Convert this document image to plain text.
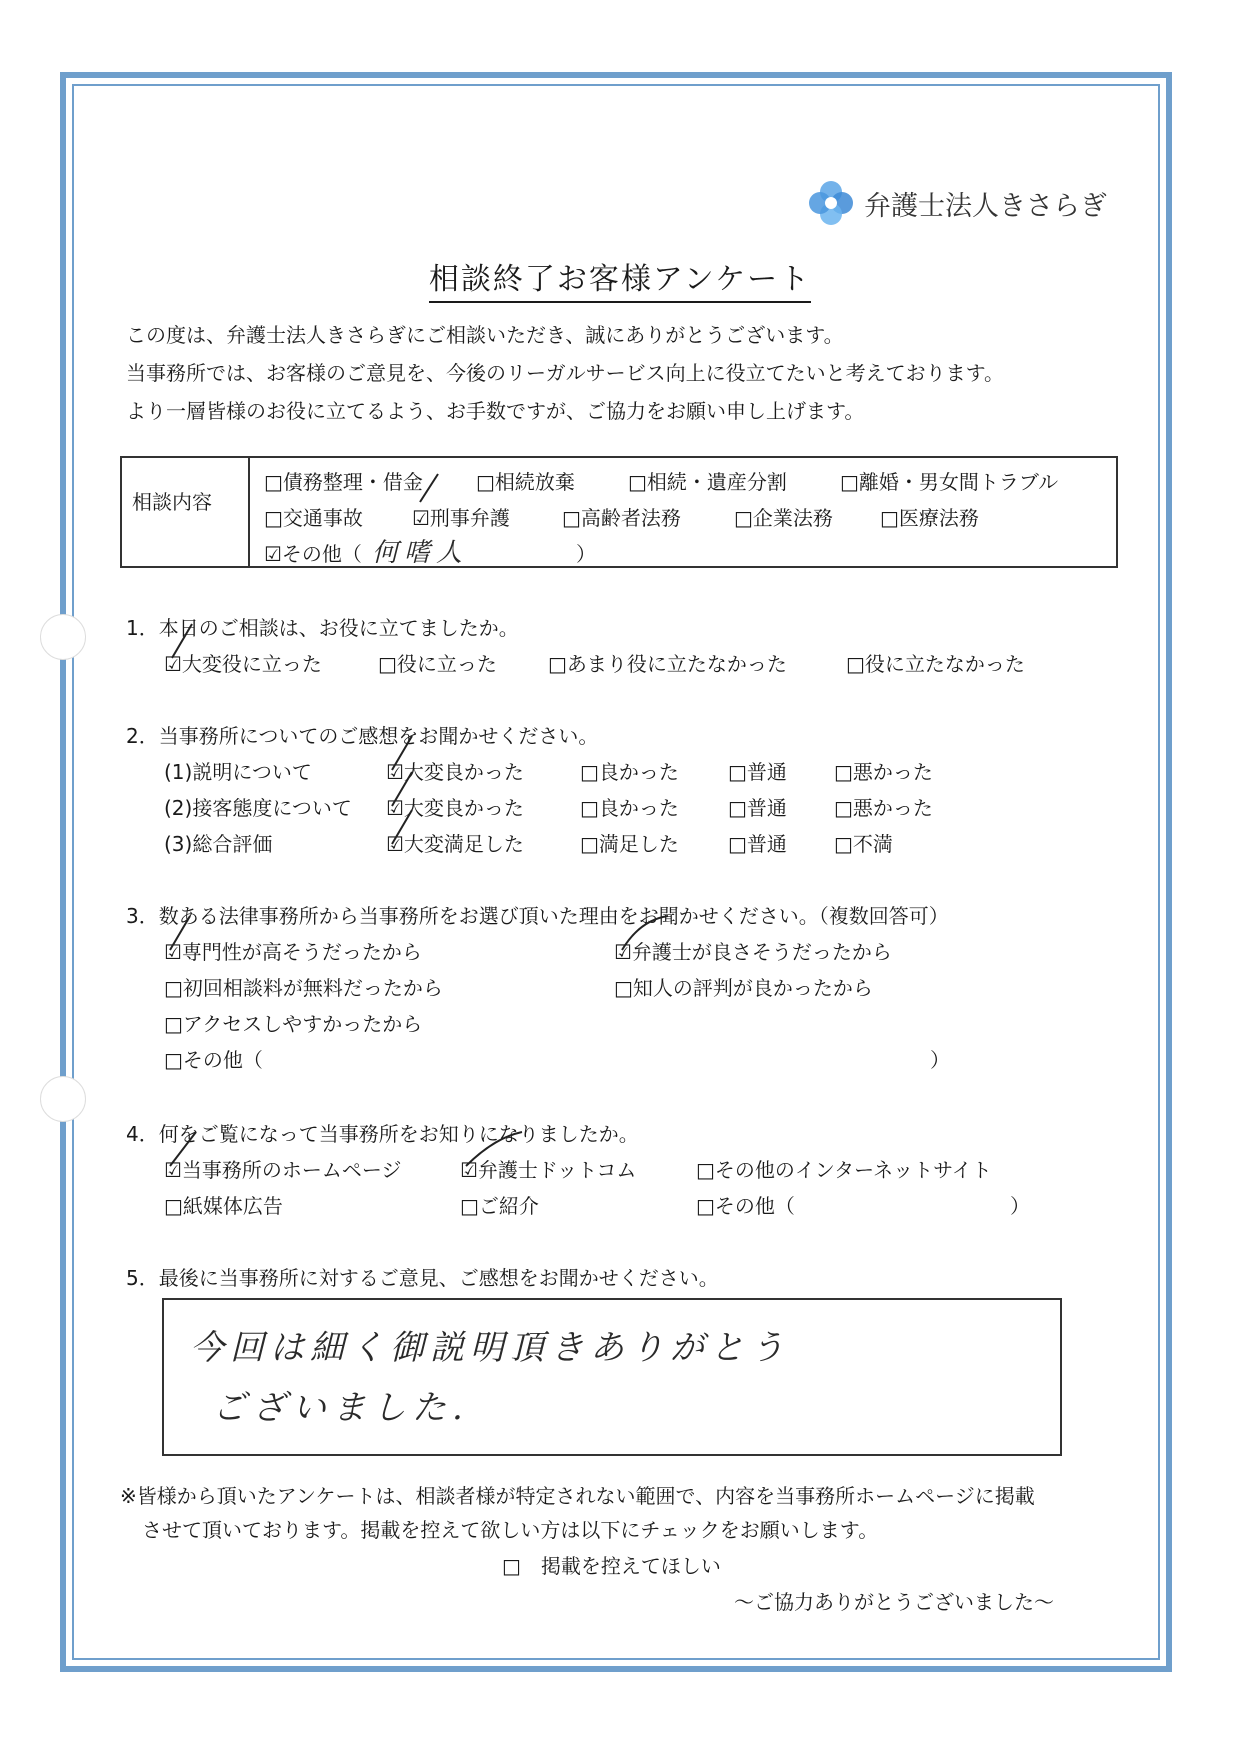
弁護士法人きさらぎ
相談終了お客様アンケート
この度は、弁護士法人きさらぎにご相談いただき、誠にありがとうございます。
当事務所では、お客様のご意見を、今後のリーガルサービス向上に役立てたいと考えております。
より一層皆様のお役に立てるよう、お手数ですが、ご協力をお願い申し上げます。
相談内容
□債務整理・借金	□相続放棄	□相続・遺産分割	□離婚・男女間トラブル
□交通事故 ☑刑事弁護	□高齢者法務	□企業法務 □医療法務
☑その他（ 何嗜人	）
1．本日のご相談は、お役に立てましたか。
☑大変役に立った	□役に立った	□あまり役に立たなかった	□役に立たなかった
2．当事務所についてのご感想をお聞かせください。
(1)説明について	☑大変良かった	□良かった □普通 □悪かった
(2)接客態度について ☑大変良かった	□良かった □普通 □悪かった
(3)総合評価	☑大変満足した	□満足した □普通 □不満
3．数ある法律事務所から当事務所をお選び頂いた理由をお聞かせください。（複数回答可）
☑専門性が高そうだったから	☑弁護士が良さそうだったから
□初回相談料が無料だったから	□知人の評判が良かったから
□アクセスしやすかったから
□その他（	）
4．何をご覧になって当事務所をお知りになりましたか。
☑当事務所のホームページ	☑弁護士ドットコム	□その他のインターネットサイト
□紙媒体広告	□ご紹介	□その他（	）
5．最後に当事務所に対するご意見、ご感想をお聞かせください。
今回は細く御説明頂きありがとう
ございました.
※皆様から頂いたアンケートは、相談者様が特定されない範囲で、内容を当事務所ホームページに掲載
させて頂いております。掲載を控えて欲しい方は以下にチェックをお願いします。
□　掲載を控えてほしい
～ご協力ありがとうございました～
